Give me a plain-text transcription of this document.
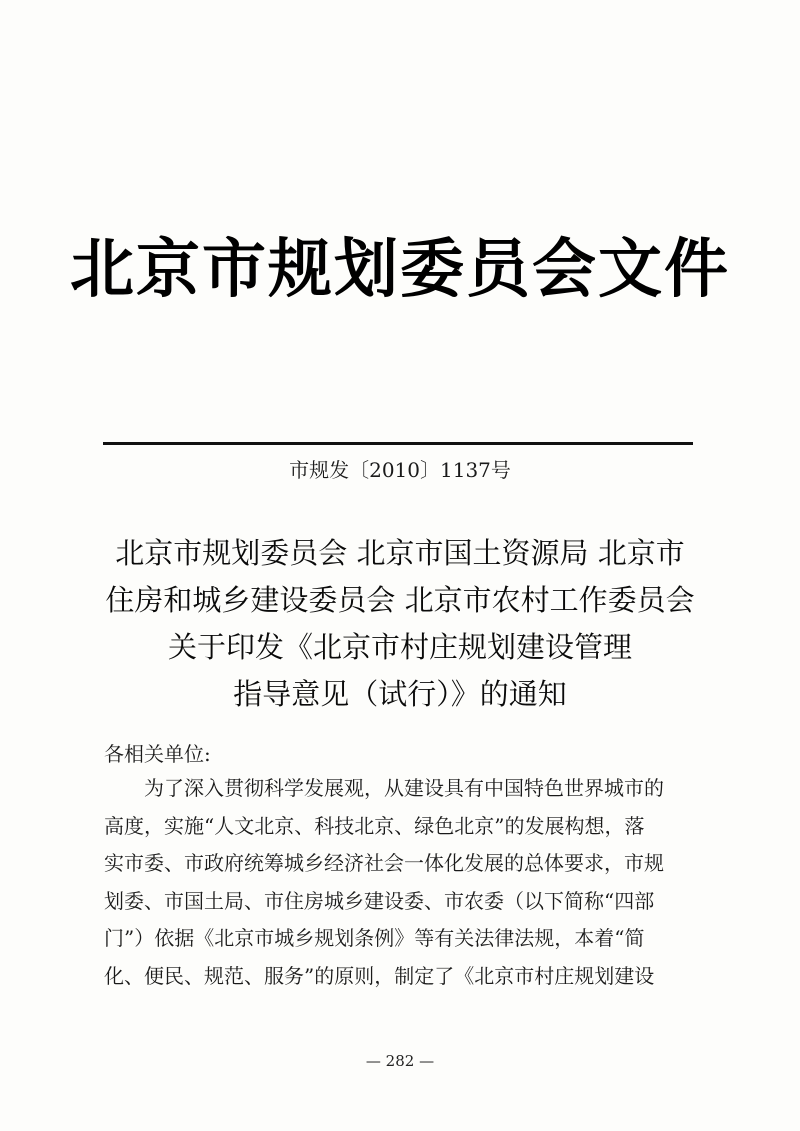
北京市规划委员会文件
市规发〔2010〕1137号
北京市规划委员会 北京市国土资源局 北京市
住房和城乡建设委员会 北京市农村工作委员会
关于印发《北京市村庄规划建设管理
指导意见（试行）》的通知
各相关单位:
　　为了深入贯彻科学发展观，从建设具有中国特色世界城市的
高度，实施“人文北京、科技北京、绿色北京”的发展构想，落
实市委、市政府统筹城乡经济社会一体化发展的总体要求，市规
划委、市国土局、市住房城乡建设委、市农委（以下简称“四部
门”）依据《北京市城乡规划条例》等有关法律法规，本着“简
化、便民、规范、服务”的原则，制定了《北京市村庄规划建设
— 282 —
